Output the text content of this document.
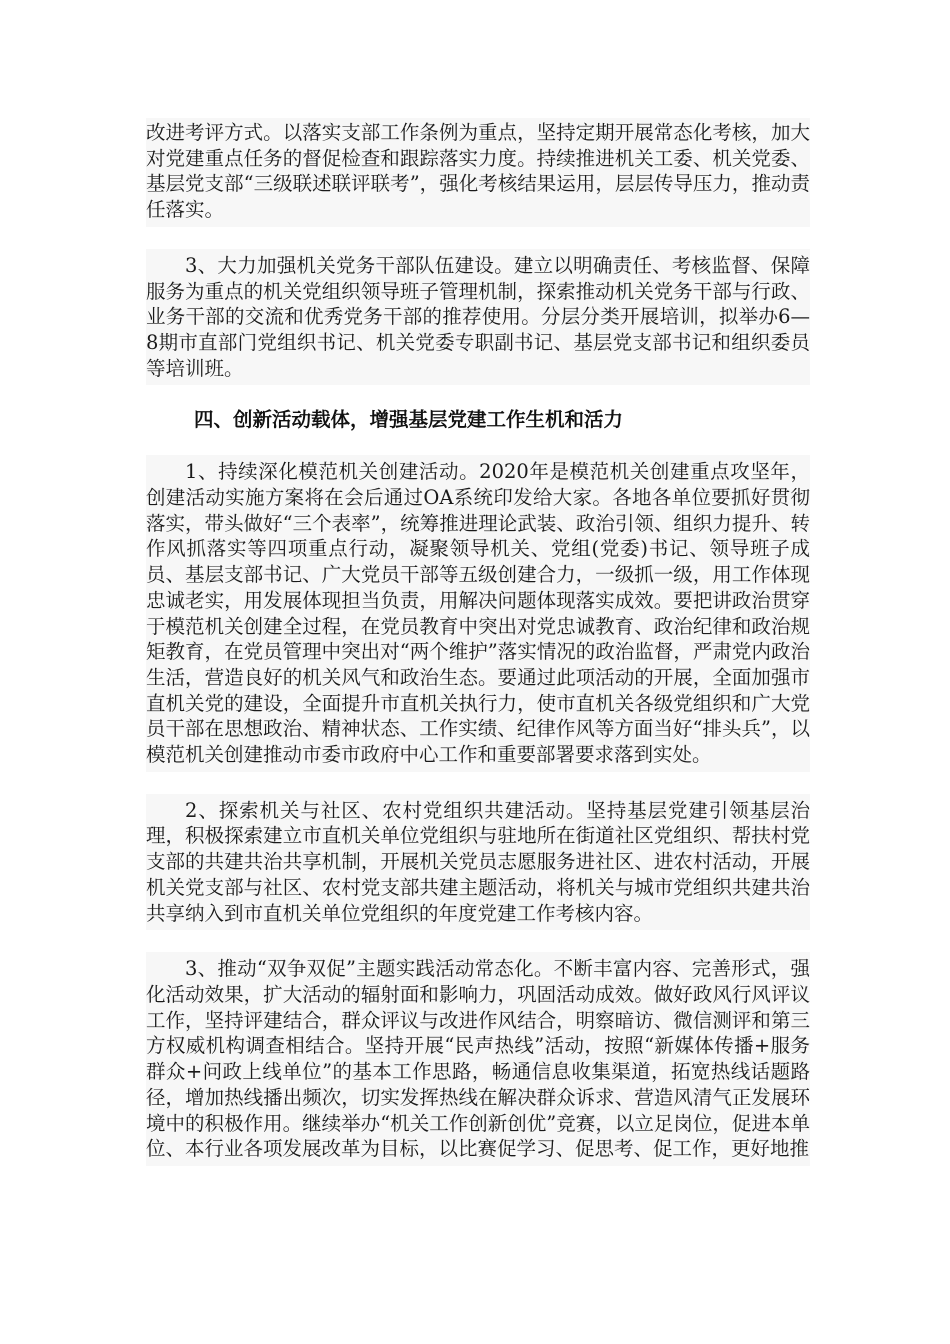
改进考评方式。以落实支部工作条例为重点，坚持定期开展常态化考核，加大对党建重点任务的督促检查和跟踪落实力度。持续推进机关工委、机关党委、基层党支部“三级联述联评联考”，强化考核结果运用，层层传导压力，推动责任落实。

3、大力加强机关党务干部队伍建设。建立以明确责任、考核监督、保障服务为重点的机关党组织领导班子管理机制，探索推动机关党务干部与行政、业务干部的交流和优秀党务干部的推荐使用。分层分类开展培训，拟举办6—8期市直部门党组织书记、机关党委专职副书记、基层党支部书记和组织委员等培训班。

四、创新活动载体，增强基层党建工作生机和活力

1、持续深化模范机关创建活动。2020年是模范机关创建重点攻坚年，创建活动实施方案将在会后通过OA系统印发给大家。各地各单位要抓好贯彻落实，带头做好“三个表率”，统筹推进理论武装、政治引领、组织力提升、转作风抓落实等四项重点行动，凝聚领导机关、党组(党委)书记、领导班子成员、基层支部书记、广大党员干部等五级创建合力，一级抓一级，用工作体现忠诚老实，用发展体现担当负责，用解决问题体现落实成效。要把讲政治贯穿于模范机关创建全过程，在党员教育中突出对党忠诚教育、政治纪律和政治规矩教育，在党员管理中突出对“两个维护”落实情况的政治监督，严肃党内政治生活，营造良好的机关风气和政治生态。要通过此项活动的开展，全面加强市直机关党的建设，全面提升市直机关执行力，使市直机关各级党组织和广大党员干部在思想政治、精神状态、工作实绩、纪律作风等方面当好“排头兵”，以模范机关创建推动市委市政府中心工作和重要部署要求落到实处。

2、探索机关与社区、农村党组织共建活动。坚持基层党建引领基层治理，积极探索建立市直机关单位党组织与驻地所在街道社区党组织、帮扶村党支部的共建共治共享机制，开展机关党员志愿服务进社区、进农村活动，开展机关党支部与社区、农村党支部共建主题活动，将机关与城市党组织共建共治共享纳入到市直机关单位党组织的年度党建工作考核内容。

3、推动“双争双促”主题实践活动常态化。不断丰富内容、完善形式，强化活动效果，扩大活动的辐射面和影响力，巩固活动成效。做好政风行风评议工作，坚持评建结合，群众评议与改进作风结合，明察暗访、微信测评和第三方权威机构调查相结合。坚持开展“民声热线”活动，按照“新媒体传播+服务群众+问政上线单位”的基本工作思路，畅通信息收集渠道，拓宽热线话题路径，增加热线播出频次，切实发挥热线在解决群众诉求、营造风清气正发展环境中的积极作用。继续举办“机关工作创新创优”竞赛，以立足岗位，促进本单位、本行业各项发展改革为目标，以比赛促学习、促思考、促工作，更好地推
